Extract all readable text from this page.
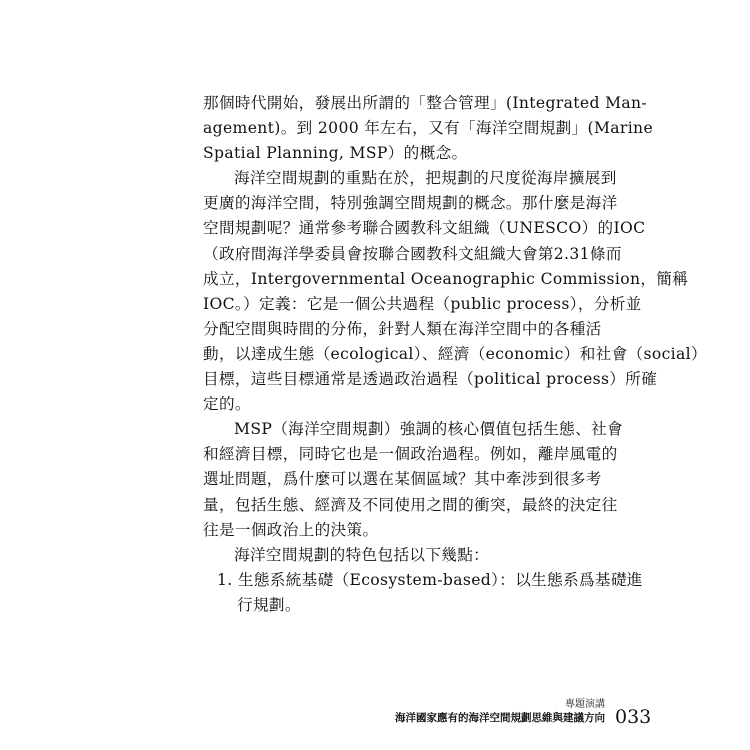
那個時代開始，發展出所謂的「整合管理」(Integrated Man-
agement)。到 2000 年左右，又有「海洋空間規劃」(Marine
Spatial Planning, MSP）的概念。
海洋空間規劃的重點在於，把規劃的尺度從海岸擴展到
更廣的海洋空間，特別強調空間規劃的概念。那什麼是海洋
空間規劃呢？通常參考聯合國教科文組織（UNESCO）的IOC
（政府間海洋學委員會按聯合國教科文組織大會第2.31條而
成立，Intergovernmental Oceanographic Commission，簡稱
IOC。）定義：它是一個公共過程（public process），分析並
分配空間與時間的分佈，針對人類在海洋空間中的各種活
動，以達成生態（ecological）、經濟（economic）和社會（social）
目標，這些目標通常是透過政治過程（political process）所確
定的。
MSP（海洋空間規劃）強調的核心價值包括生態、社會
和經濟目標，同時它也是一個政治過程。例如，離岸風電的
選址問題，爲什麼可以選在某個區域？其中牽涉到很多考
量，包括生態、經濟及不同使用之間的衝突，最終的決定往
往是一個政治上的決策。
海洋空間規劃的特色包括以下幾點：
1. 生態系統基礎（Ecosystem-based）：以生態系爲基礎進
行規劃。
專題演講
海洋國家應有的海洋空間規劃思維與建議方向 033
